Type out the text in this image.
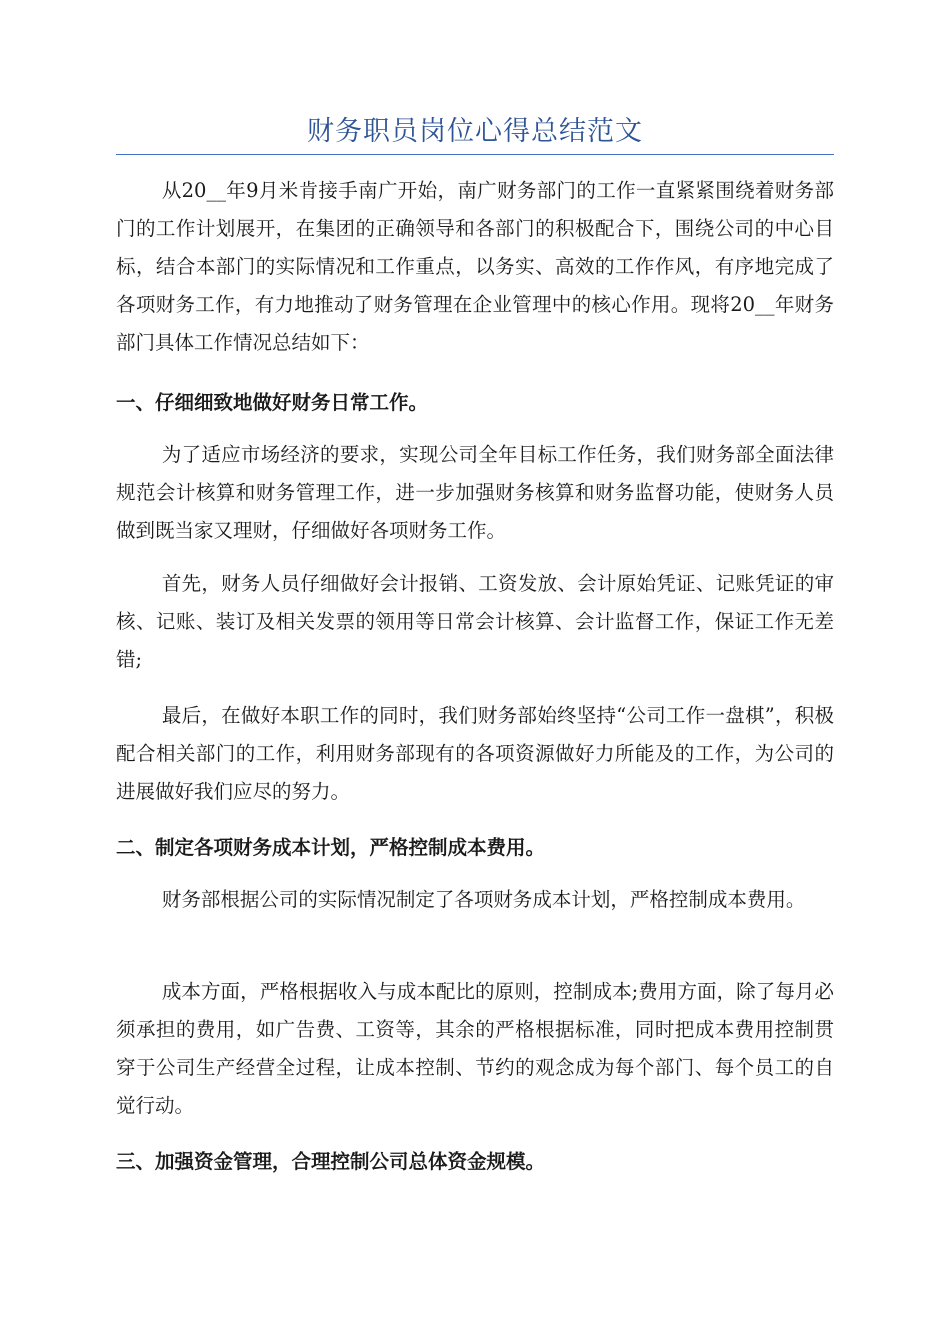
财务职员岗位心得总结范文

从20__年9月米肯接手南广开始，南广财务部门的工作一直紧紧围绕着财务部门的工作计划展开，在集团的正确领导和各部门的积极配合下，围绕公司的中心目标，结合本部门的实际情况和工作重点，以务实、高效的工作作风，有序地完成了各项财务工作，有力地推动了财务管理在企业管理中的核心作用。现将20__年财务部门具体工作情况总结如下：

一、仔细细致地做好财务日常工作。

为了适应市场经济的要求，实现公司全年目标工作任务，我们财务部全面法律规范会计核算和财务管理工作，进一步加强财务核算和财务监督功能，使财务人员做到既当家又理财，仔细做好各项财务工作。

首先，财务人员仔细做好会计报销、工资发放、会计原始凭证、记账凭证的审核、记账、装订及相关发票的领用等日常会计核算、会计监督工作，保证工作无差错;

最后，在做好本职工作的同时，我们财务部始终坚持“公司工作一盘棋”，积极配合相关部门的工作，利用财务部现有的各项资源做好力所能及的工作，为公司的进展做好我们应尽的努力。

二、制定各项财务成本计划，严格控制成本费用。

财务部根据公司的实际情况制定了各项财务成本计划，严格控制成本费用。

成本方面，严格根据收入与成本配比的原则，控制成本;费用方面，除了每月必须承担的费用，如广告费、工资等，其余的严格根据标准，同时把成本费用控制贯穿于公司生产经营全过程，让成本控制、节约的观念成为每个部门、每个员工的自觉行动。

三、加强资金管理，合理控制公司总体资金规模。
